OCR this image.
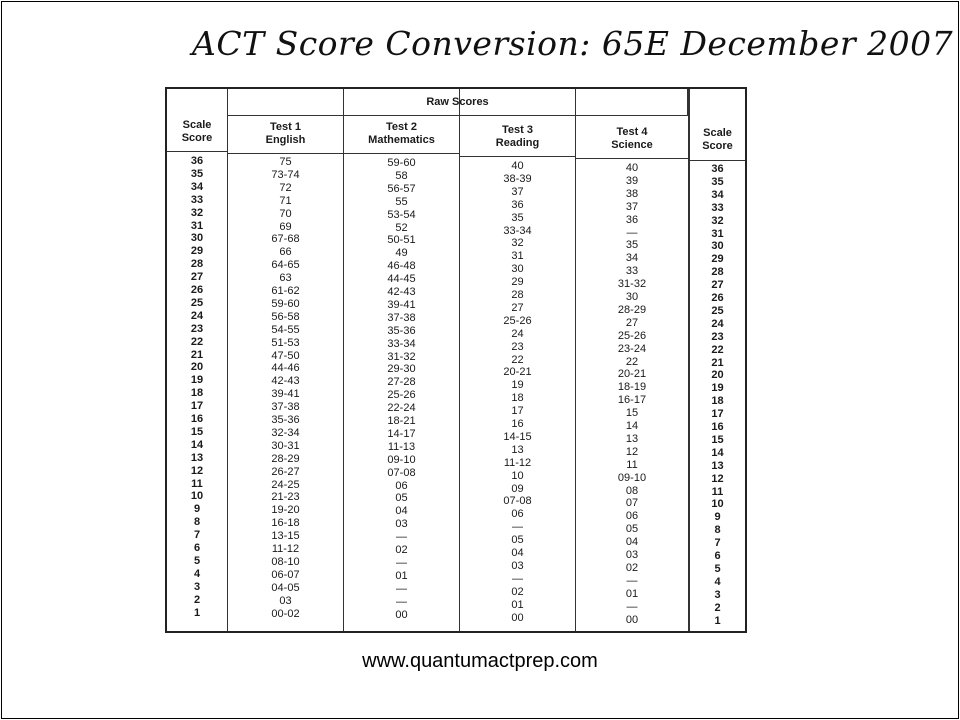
ACT Score Conversion: 65E December 2007
Raw Scores
Scale
Score
36
35
34
33
32
31
30
29
28
27
26
25
24
23
22
21
20
19
18
17
16
15
14
13
12
11
10
9
8
7
6
5
4
3
2
1
Test 1
English
75
73-74
72
71
70
69
67-68
66
64-65
63
61-62
59-60
56-58
54-55
51-53
47-50
44-46
42-43
39-41
37-38
35-36
32-34
30-31
28-29
26-27
24-25
21-23
19-20
16-18
13-15
11-12
08-10
06-07
04-05
03
00-02
Test 2
Mathematics
59-60
58
56-57
55
53-54
52
50-51
49
46-48
44-45
42-43
39-41
37-38
35-36
33-34
31-32
29-30
27-28
25-26
22-24
18-21
14-17
11-13
09-10
07-08
06
05
04
03
—
02
—
01
—
—
00
Test 3
Reading
40
38-39
37
36
35
33-34
32
31
30
29
28
27
25-26
24
23
22
20-21
19
18
17
16
14-15
13
11-12
10
09
07-08
06
—
05
04
03
—
02
01
00
Test 4
Science
40
39
38
37
36
—
35
34
33
31-32
30
28-29
27
25-26
23-24
22
20-21
18-19
16-17
15
14
13
12
11
09-10
08
07
06
05
04
03
02
—
01
—
00
Scale
Score
36
35
34
33
32
31
30
29
28
27
26
25
24
23
22
21
20
19
18
17
16
15
14
13
12
11
10
9
8
7
6
5
4
3
2
1
www.quantumactprep.com
